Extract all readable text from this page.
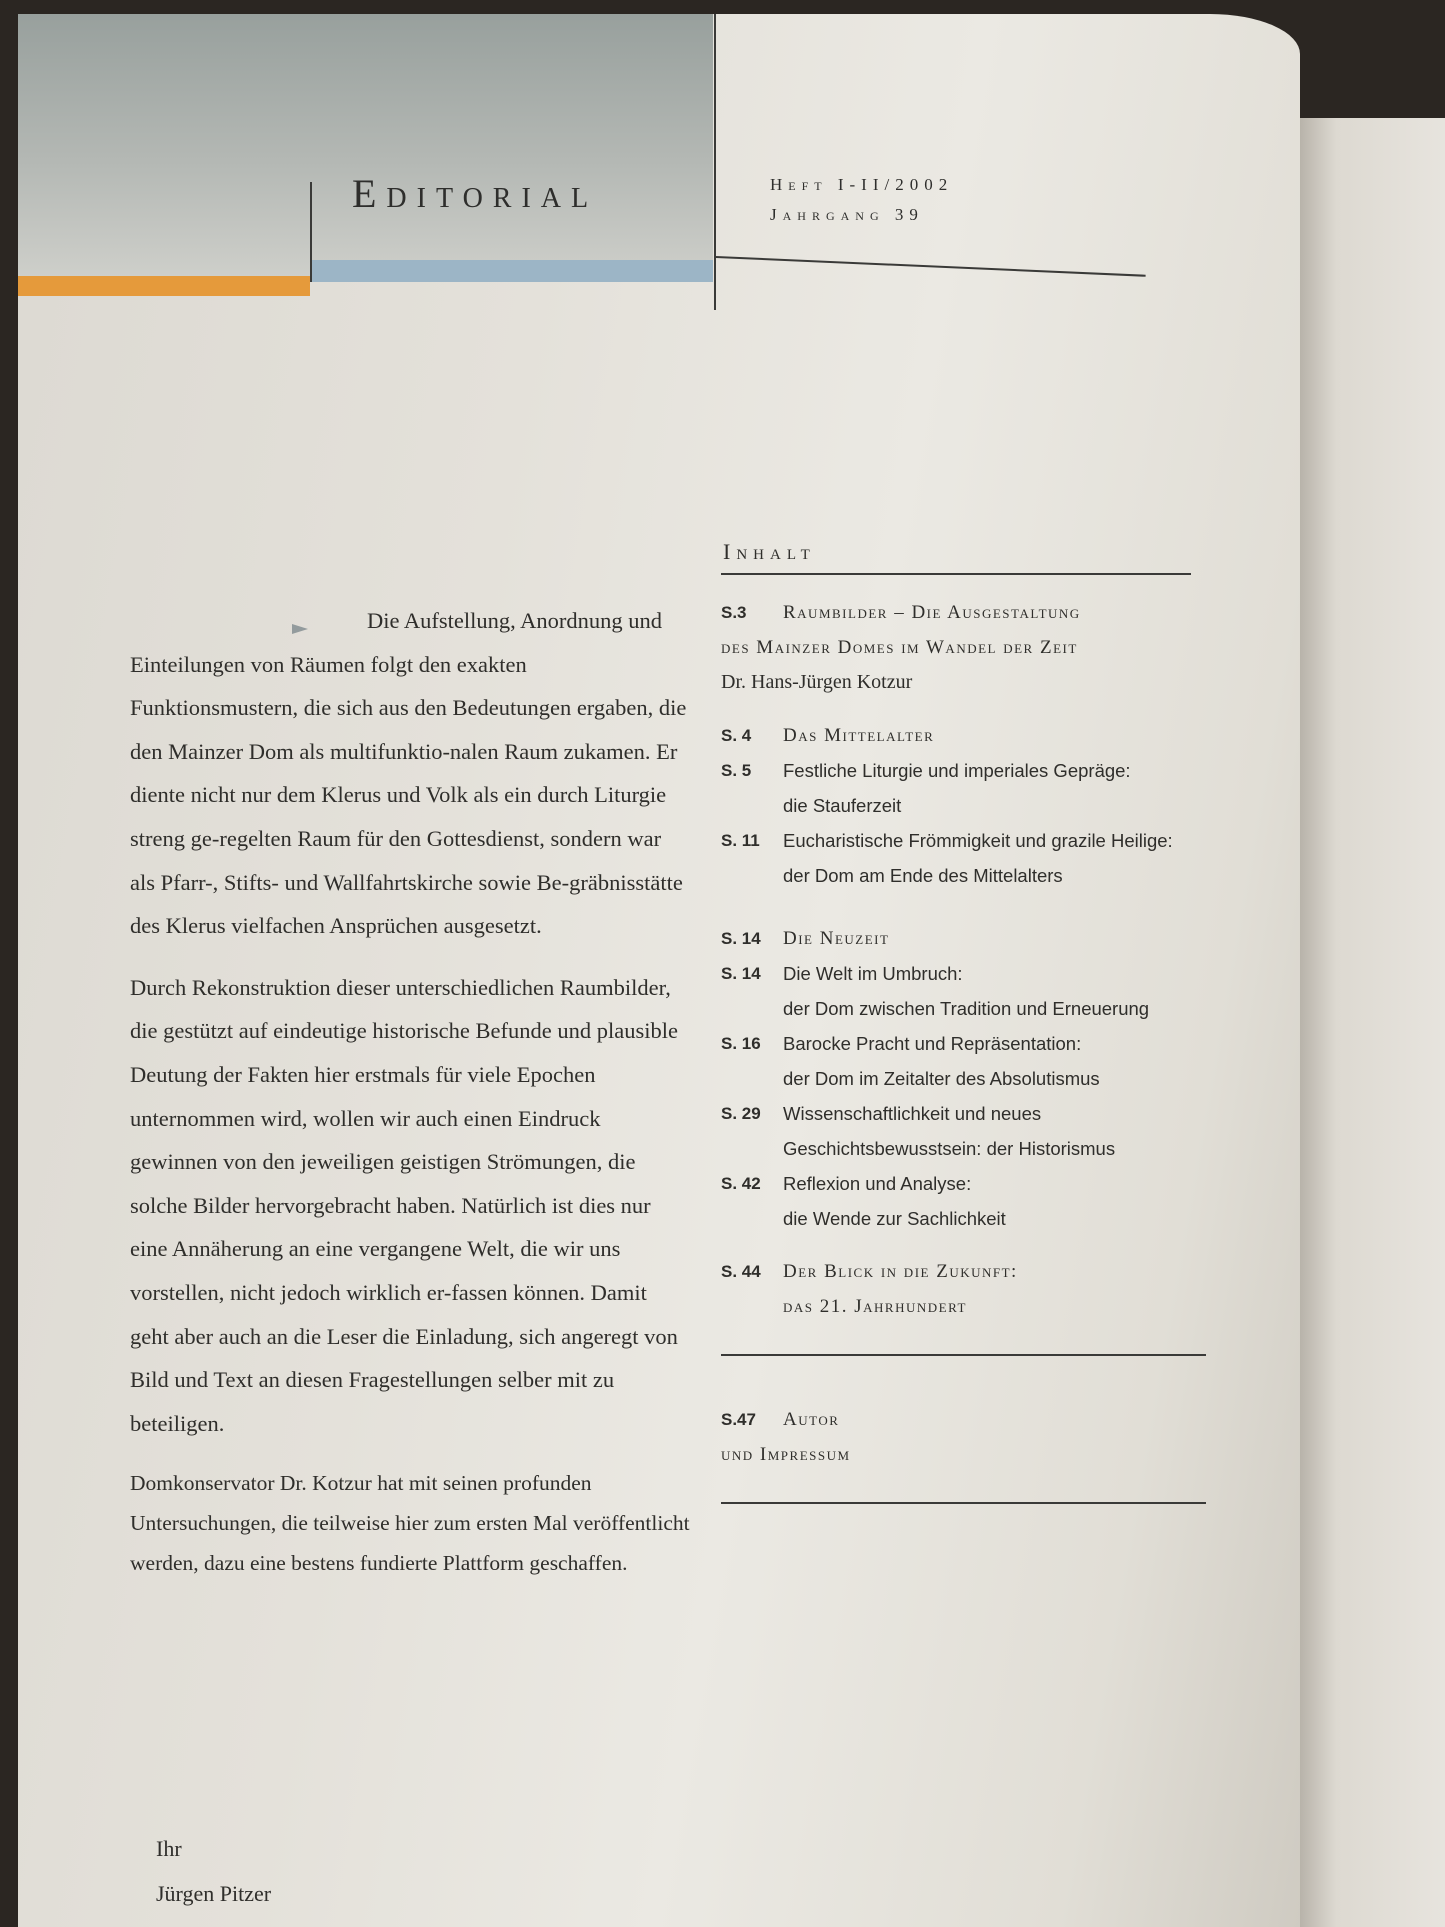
Editorial	Heft I-II/2002
Jahrgang 39

Die Aufstellung, Anordnung und Einteilungen von Räumen folgt den exakten Funktionsmustern, die sich aus den Bedeutungen ergaben, die den Mainzer Dom als multifunktio-nalen Raum zukamen. Er diente nicht nur dem Klerus und Volk als ein durch Liturgie streng ge-regelten Raum für den Gottesdienst, sondern war als Pfarr-, Stifts- und Wallfahrtskirche sowie Be-gräbnisstätte des Klerus vielfachen Ansprüchen ausgesetzt.

Durch Rekonstruktion dieser unterschiedlichen Raumbilder, die gestützt auf eindeutige historische Befunde und plausible Deutung der Fakten hier erstmals für viele Epochen unternommen wird, wollen wir auch einen Eindruck gewinnen von den jeweiligen geistigen Strömungen, die solche Bilder hervorgebracht haben. Natürlich ist dies nur eine Annäherung an eine vergangene Welt, die wir uns vorstellen, nicht jedoch wirklich er-fassen können. Damit geht aber auch an die Leser die Einladung, sich angeregt von Bild und Text an diesen Fragestellungen selber mit zu beteiligen.

Domkonservator Dr. Kotzur hat mit seinen profunden Untersuchungen, die teilweise hier zum ersten Mal veröffentlicht werden, dazu eine bestens fundierte Plattform geschaffen.

Ihr
Jürgen Pitzer
Inhalt
S.3	Raumbilder – Die Ausgestaltung
des Mainzer Domes im Wandel der Zeit
Dr. Hans-Jürgen Kotzur
S. 4	Das Mittelalter
S. 5	Festliche Liturgie und imperiales Gepräge:
die Stauferzeit
S. 11	Eucharistische Frömmigkeit und grazile Heilige:
der Dom am Ende des Mittelalters
S. 14	Die Neuzeit
S. 14	Die Welt im Umbruch:
der Dom zwischen Tradition und Erneuerung
S. 16	Barocke Pracht und Repräsentation:
der Dom im Zeitalter des Absolutismus
S. 29	Wissenschaftlichkeit und neues
Geschichtsbewusstsein: der Historismus
S. 42	Reflexion und Analyse:
die Wende zur Sachlichkeit
S. 44	Der Blick in die Zukunft:
das 21. Jahrhundert
S.47	Autor
und Impressum
